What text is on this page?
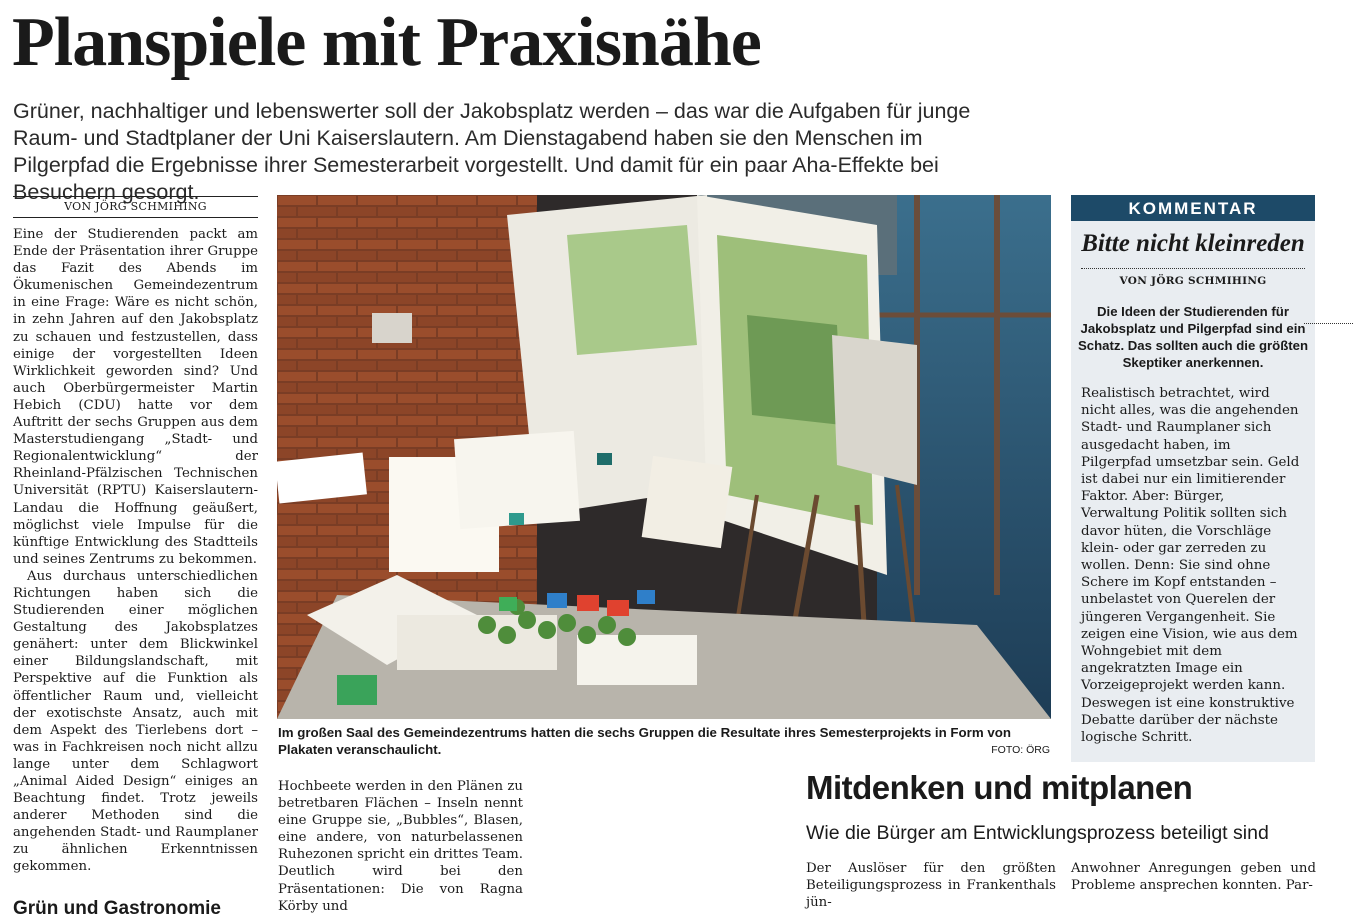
Planspiele mit Praxisnähe

Grüner, nachhaltiger und lebenswerter soll der Jakobsplatz werden – das war die Aufgaben für junge Raum- und Stadtplaner der Uni Kaiserslautern. Am Dienstagabend haben sie den Menschen im Pilgerpfad die Ergebnisse ihrer Semesterarbeit vorgestellt. Und damit für ein paar Aha-Effekte bei Besuchern gesorgt.

VON JÖRG SCHMIHING

Eine der Studierenden packt am Ende der Präsentation ihrer Gruppe das Fazit des Abends im Ökumenischen Gemeindezentrum in eine Frage: Wäre es nicht schön, in zehn Jahren auf den Jakobsplatz zu schauen und festzustellen, dass einige der vorgestellten Ideen Wirklichkeit geworden sind? Und auch Oberbürgermeister Martin Hebich (CDU) hatte vor dem Auftritt der sechs Gruppen aus dem Masterstudiengang „Stadt- und Regionalentwicklung“ der Rheinland-Pfälzischen Technischen Universität (RPTU) Kaiserslautern-Landau die Hoffnung geäußert, möglichst viele Impulse für die künftige Entwicklung des Stadtteils und seines Zentrums zu bekommen.

Aus durchaus unterschiedlichen Richtungen haben sich die Studierenden einer möglichen Gestaltung des Jakobsplatzes genähert: unter dem Blickwinkel einer Bildungslandschaft, mit Perspektive auf die Funktion als öffentlicher Raum und, vielleicht der exotischste Ansatz, auch mit dem Aspekt des Tierlebens dort – was in Fachkreisen noch nicht allzu lange unter dem Schlagwort „Animal Aided Design“ einiges an Beachtung findet. Trotz jeweils anderer Methoden sind die angehenden Stadt- und Raumplaner zu ähnlichen Erkenntnissen gekommen.

Grün und Gastronomie

Im großen Saal des Gemeindezentrums hatten die sechs Gruppen die Resultate ihres Semesterprojekts in Form von Plakaten veranschaulicht.	FOTO: ÖRG

Hochbeete werden in den Plänen zu betretbaren Flächen – Inseln nennt eine Gruppe sie, „Bubbles“, Blasen, eine andere, von naturbelassenen Ruhezonen spricht ein drittes Team. Deutlich wird bei den Präsentationen: Die von Ragna Körby und

Mitdenken und mitplanen

Wie die Bürger am Entwicklungsprozess beteiligt sind

Der Auslöser für den größten Beteiligungsprozess in Frankenthals jün-

Anwohner Anregungen geben und Probleme ansprechen konnten. Par-

KOMMENTAR
Bitte nicht kleinreden
VON JÖRG SCHMIHING
Die Ideen der Studierenden für Jakobsplatz und Pilgerpfad sind ein Schatz. Das sollten auch die größten Skeptiker anerkennen.

Realistisch betrachtet, wird nicht alles, was die angehenden Stadt- und Raumplaner sich ausgedacht haben, im Pilgerpfad umsetzbar sein. Geld ist dabei nur ein limitierender Faktor. Aber: Bürger, Verwaltung Politik sollten sich davor hüten, die Vorschläge klein- oder gar zerreden zu wollen. Denn: Sie sind ohne Schere im Kopf entstanden – unbelastet von Querelen der jüngeren Vergangenheit. Sie zeigen eine Vision, wie aus dem Wohngebiet mit dem angekratzten Image ein Vorzeigeprojekt werden kann. Deswegen ist eine konstruktive Debatte darüber der nächste logische Schritt.
